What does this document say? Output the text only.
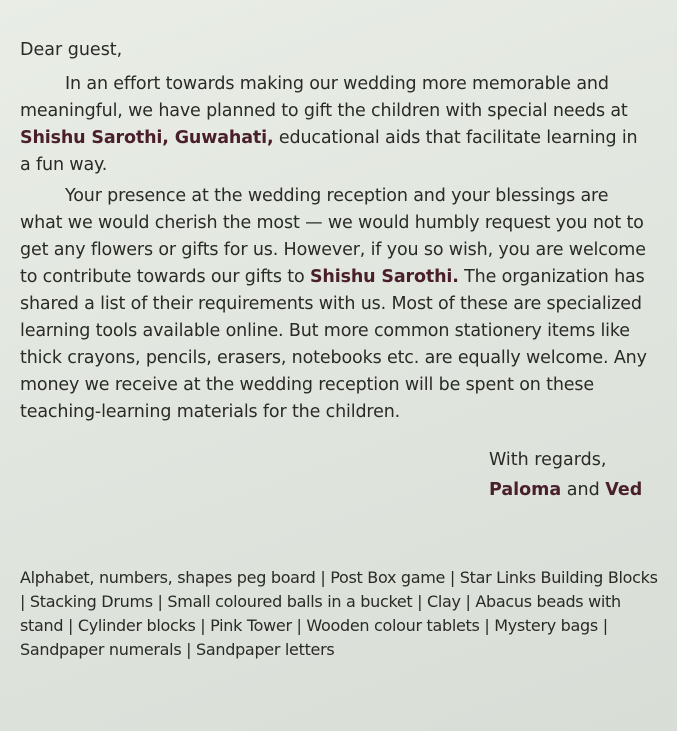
Dear guest,

In an effort towards making our wedding more memorable and meaningful, we have planned to gift the children with special needs at Shishu Sarothi, Guwahati, educational aids that facilitate learning in a fun way.

Your presence at the wedding reception and your blessings are what we would cherish the most — we would humbly request you not to get any flowers or gifts for us. However, if you so wish, you are welcome to contribute towards our gifts to Shishu Sarothi. The organization has shared a list of their requirements with us. Most of these are specialized learning tools available online. But more common stationery items like thick crayons, pencils, erasers, notebooks etc. are equally welcome. Any money we receive at the wedding reception will be spent on these teaching-learning materials for the children.

With regards,

Paloma and Ved

Alphabet, numbers, shapes peg board | Post Box game | Star Links Building Blocks | Stacking Drums | Small coloured balls in a bucket | Clay | Abacus beads with stand | Cylinder blocks | Pink Tower | Wooden colour tablets | Mystery bags | Sandpaper numerals | Sandpaper letters
